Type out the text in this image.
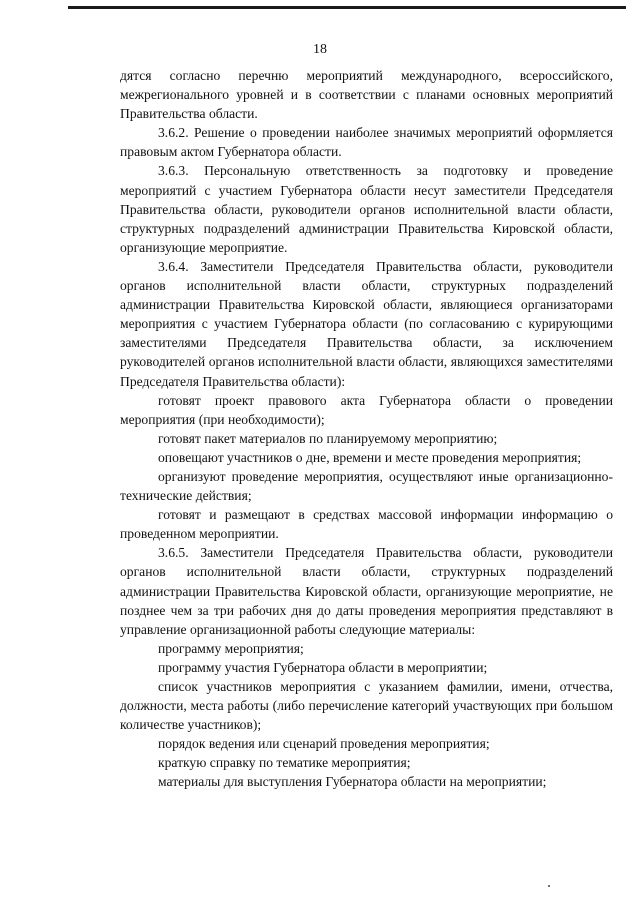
18

дятся согласно перечню мероприятий международного, всероссийского, межрегионального уровней и в соответствии с планами основных мероприятий Правительства области.

3.6.2. Решение о проведении наиболее значимых мероприятий оформляется правовым актом Губернатора области.

3.6.3. Персональную ответственность за подготовку и проведение мероприятий с участием Губернатора области несут заместители Председателя Правительства области, руководители органов исполнительной власти области, структурных подразделений администрации Правительства Кировской области, организующие мероприятие.

3.6.4. Заместители Председателя Правительства области, руководители органов исполнительной власти области, структурных подразделений администрации Правительства Кировской области, являющиеся организаторами мероприятия с участием Губернатора области (по согласованию с курирующими заместителями Председателя Правительства области, за исключением руководителей органов исполнительной власти области, являющихся заместителями Председателя Правительства области):

готовят проект правового акта Губернатора области о проведении мероприятия (при необходимости);

готовят пакет материалов по планируемому мероприятию;

оповещают участников о дне, времени и месте проведения мероприятия;

организуют проведение мероприятия, осуществляют иные организационно-технические действия;

готовят и размещают в средствах массовой информации информацию о проведенном мероприятии.

3.6.5. Заместители Председателя Правительства области, руководители органов исполнительной власти области, структурных подразделений администрации Правительства Кировской области, организующие мероприятие, не позднее чем за три рабочих дня до даты проведения мероприятия представляют в управление организационной работы следующие материалы:

программу мероприятия;

программу участия Губернатора области в мероприятии;

список участников мероприятия с указанием фамилии, имени, отчества, должности, места работы (либо перечисление категорий участвующих при большом количестве участников);

порядок ведения или сценарий проведения мероприятия;

краткую справку по тематике мероприятия;

материалы для выступления Губернатора области на мероприятии;
